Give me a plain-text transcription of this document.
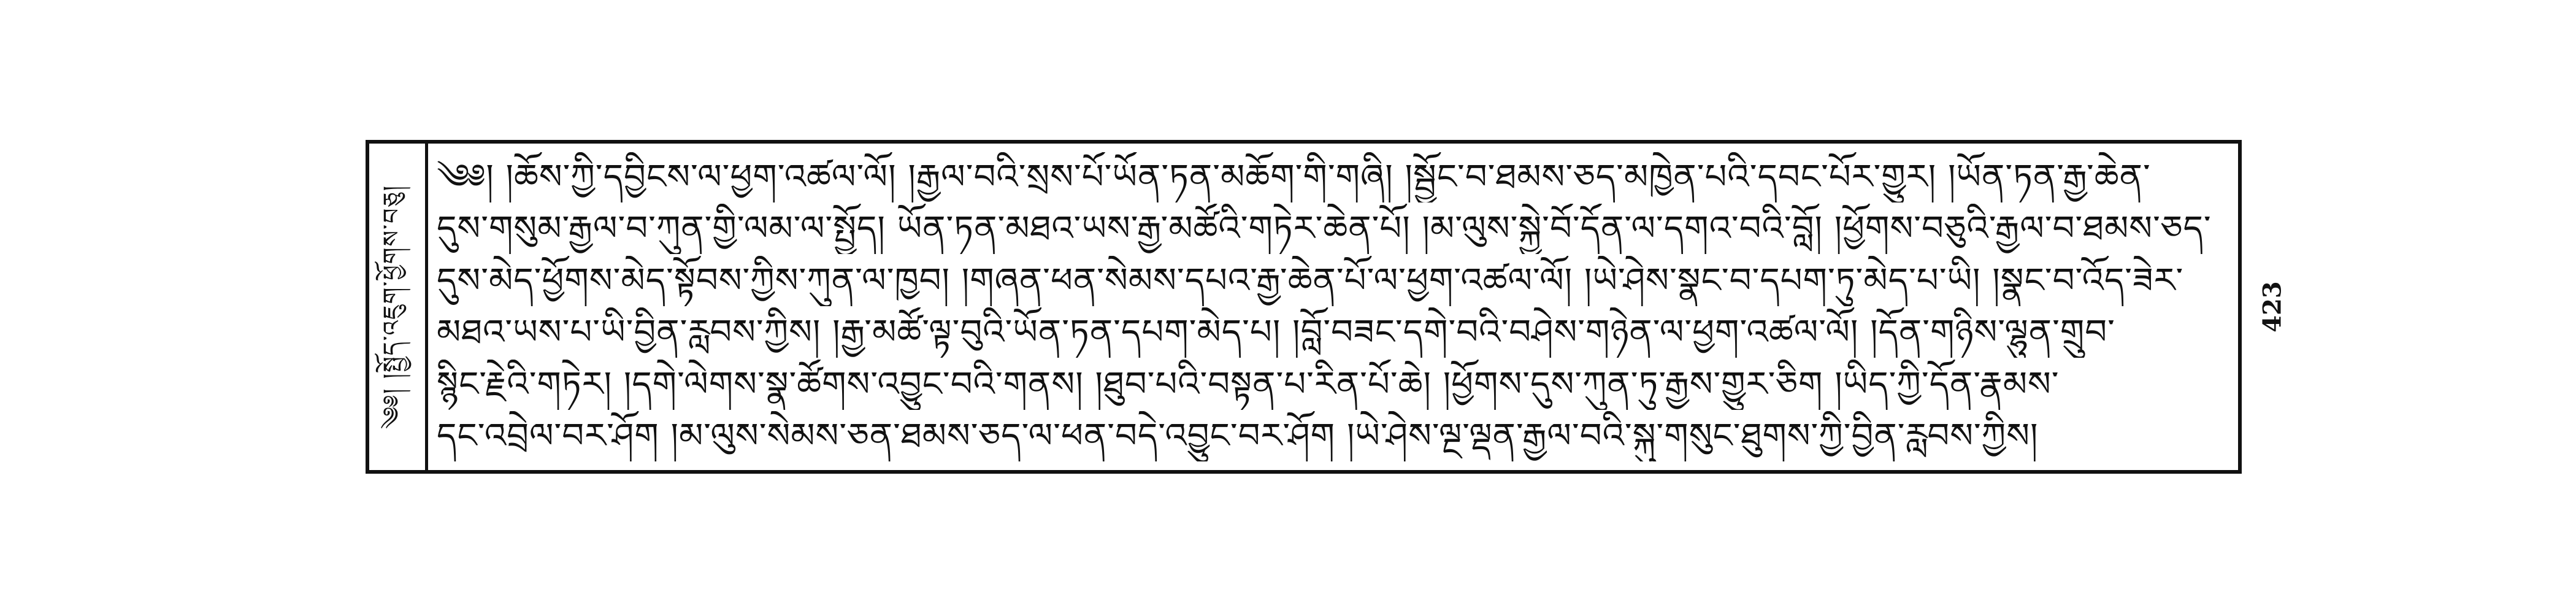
༄༅། །སྤྱོད་འཇུག་ཕྱོགས་བཅུ།
༄༅། །ཆོས་ཀྱི་དབྱིངས་ལ་ཕྱག་འཚལ་ལོ། །རྒྱལ་བའི་སྲས་པོ་ཡོན་ཏན་མཆོག་གི་གཞི། །སྦྱོང་བ་ཐམས་ཅད་མཁྱེན་པའི་དབང་པོར་གྱུར། །ཡོན་ཏན་རྒྱ་ཆེན་
དུས་གསུམ་རྒྱལ་བ་ཀུན་གྱི་ལམ་ལ་སྤྱོད། ཡོན་ཏན་མཐའ་ཡས་རྒྱ་མཚོའི་གཏེར་ཆེན་པོ། །མ་ལུས་སྐྱེ་བོ་དོན་ལ་དགའ་བའི་བློ། །ཕྱོགས་བཅུའི་རྒྱལ་བ་ཐམས་ཅད་
དུས་མེད་ཕྱོགས་མེད་སྟོབས་ཀྱིས་ཀུན་ལ་ཁྱབ། །གཞན་ཕན་སེམས་དཔའ་རྒྱ་ཆེན་པོ་ལ་ཕྱག་འཚལ་ལོ། །ཡེ་ཤེས་སྣང་བ་དཔག་ཏུ་མེད་པ་ཡི། །སྣང་བ་འོད་ཟེར་
མཐའ་ཡས་པ་ཡི་བྱིན་རླབས་ཀྱིས། །རྒྱ་མཚོ་ལྟ་བུའི་ཡོན་ཏན་དཔག་མེད་པ། །བློ་བཟང་དགེ་བའི་བཤེས་གཉེན་ལ་ཕྱག་འཚལ་ལོ། །དོན་གཉིས་ལྷུན་གྲུབ་
སྙིང་རྗེའི་གཏེར། །དགེ་ལེགས་སྣ་ཚོགས་འབྱུང་བའི་གནས། །ཐུབ་པའི་བསྟན་པ་རིན་པོ་ཆེ། །ཕྱོགས་དུས་ཀུན་ཏུ་རྒྱས་གྱུར་ཅིག །ཡིད་ཀྱི་དོན་རྣམས་
དང་འབྲེལ་བར་ཤོག །མ་ལུས་སེམས་ཅན་ཐམས་ཅད་ལ་ཕན་བདེ་འབྱུང་བར་ཤོག །ཡེ་ཤེས་ལྔ་ལྡན་རྒྱལ་བའི་སྐུ་གསུང་ཐུགས་ཀྱི་བྱིན་རླབས་ཀྱིས།
423
